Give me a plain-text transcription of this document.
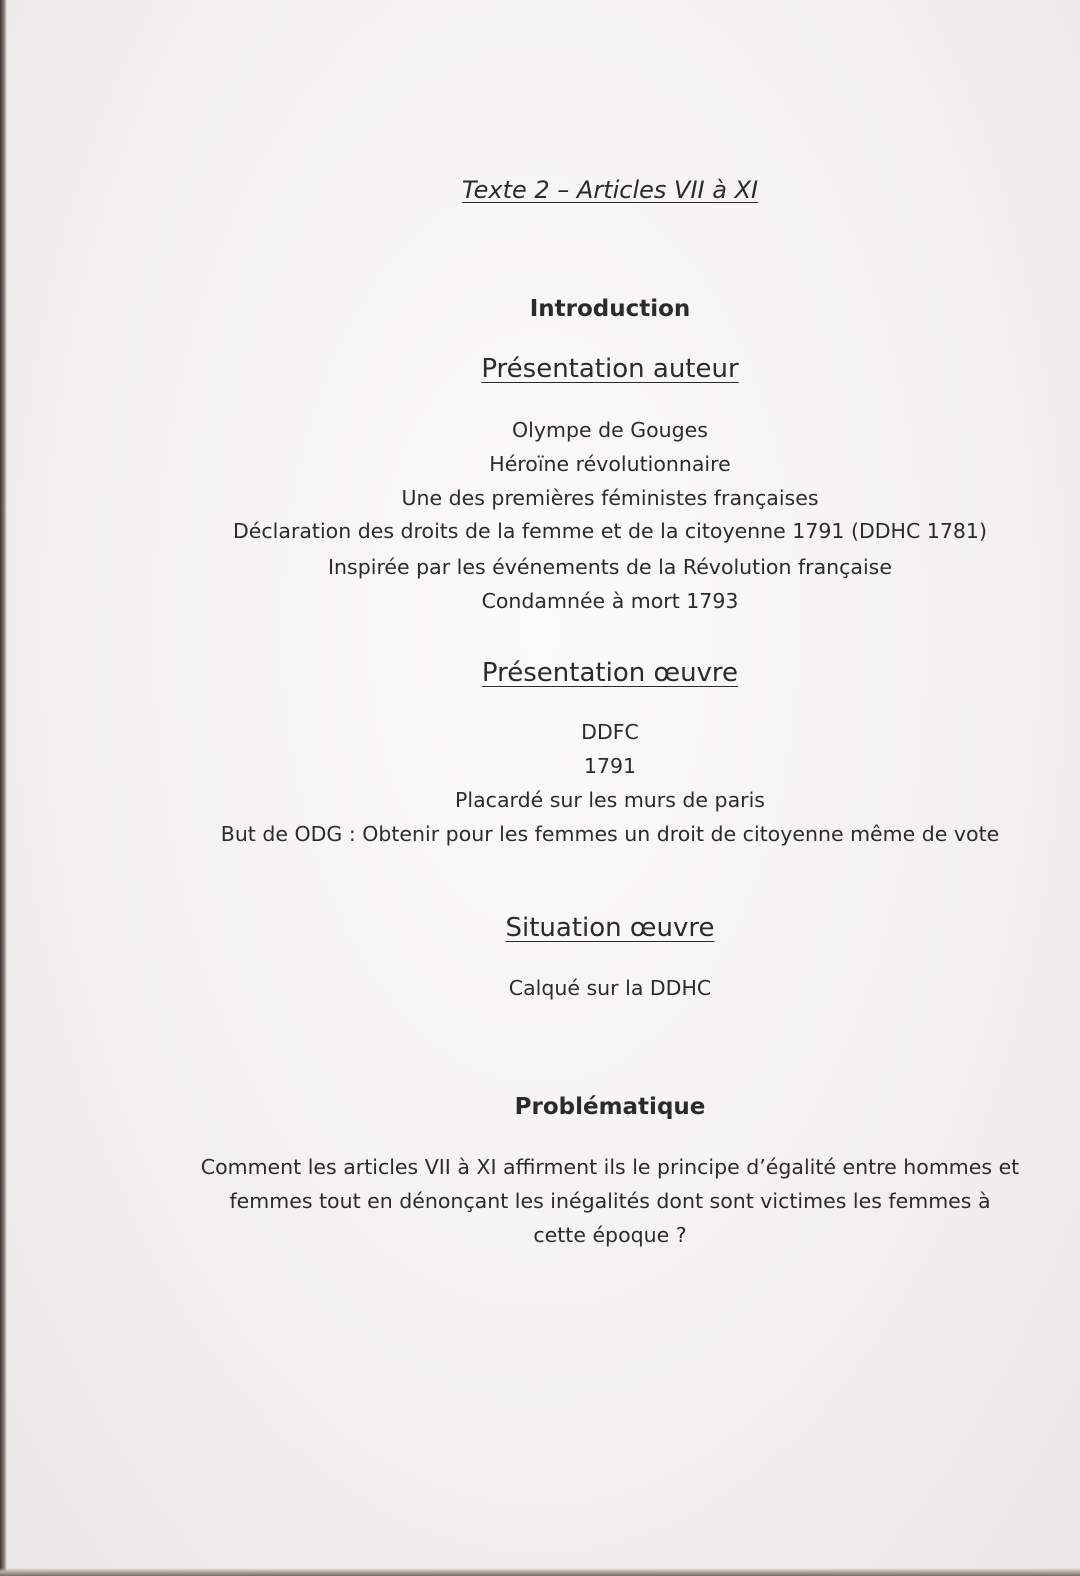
Texte 2 – Articles VII à XI
Introduction
Présentation auteur
Olympe de Gouges
Héroïne révolutionnaire
Une des premières féministes françaises
Déclaration des droits de la femme et de la citoyenne 1791 (DDHC 1781)
Inspirée par les événements de la Révolution française
Condamnée à mort 1793
Présentation œuvre
DDFC
1791
Placardé sur les murs de paris
But de ODG : Obtenir pour les femmes un droit de citoyenne même de vote
Situation œuvre
Calqué sur la DDHC
Problématique
Comment les articles VII à XI affirment ils le principe d’égalité entre hommes et femmes tout en dénonçant les inégalités dont sont victimes les femmes à cette époque ?
